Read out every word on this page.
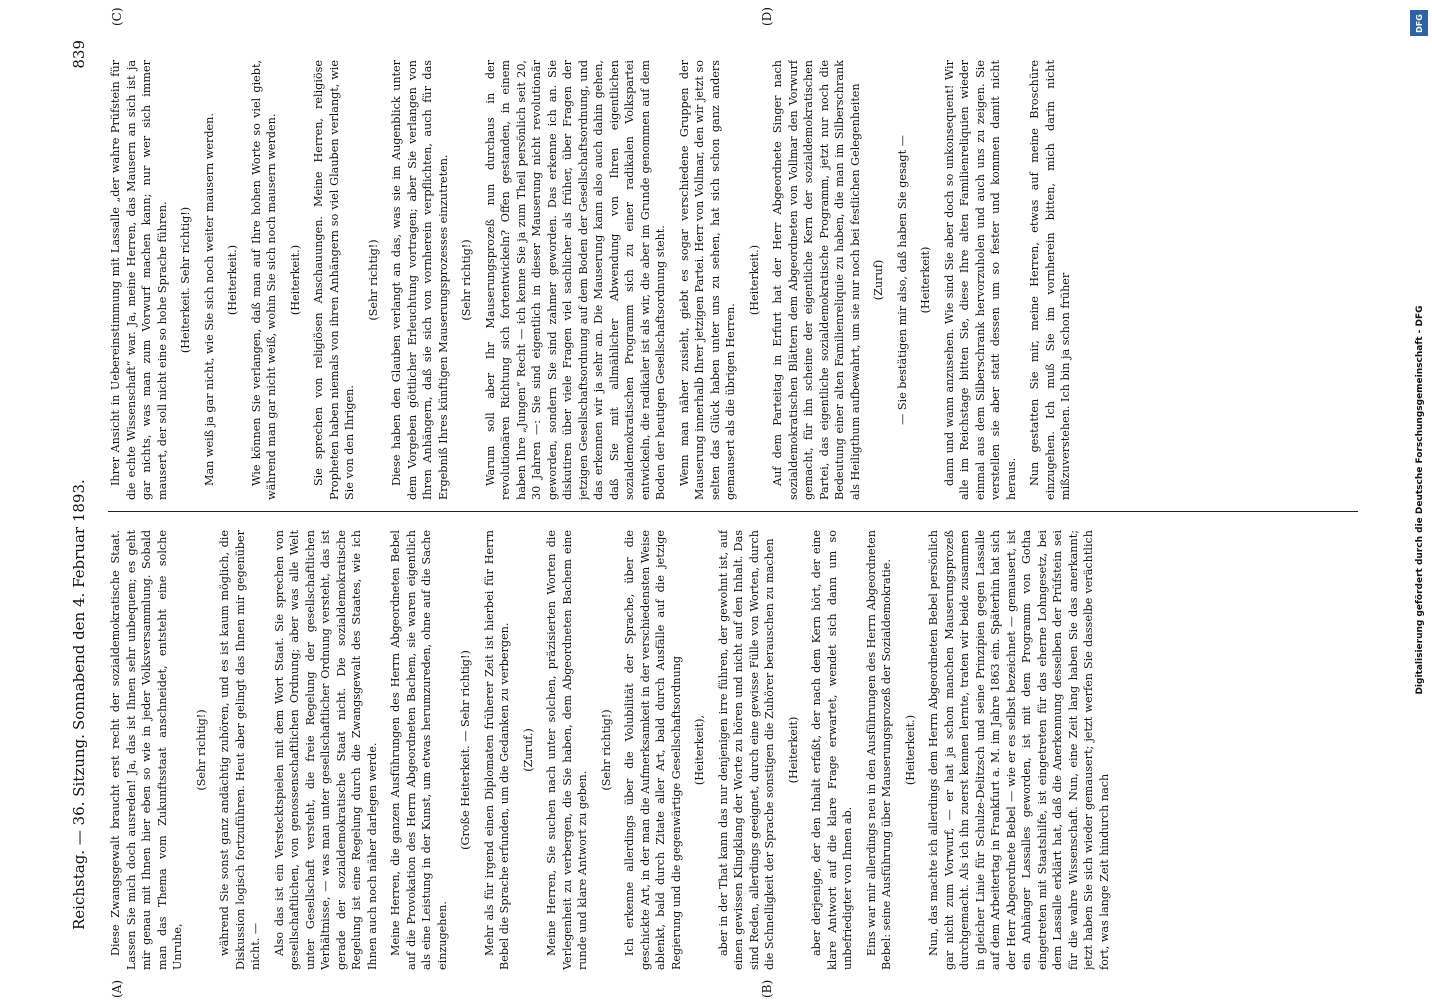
Reichstag. — 36. Sitzung.
Sonnabend den 4. Februar 1893.
839

Diese Zwangsgewalt braucht erst recht der sozialdemokratische Staat. Lassen Sie mich doch ausreden! Ja, das ist Ihnen sehr unbequem; es geht mir genau mit Ihnen hier eben so wie in jeder Volksversammlung. Sobald man das Thema vom Zukunftsstaat anschneidet, entsteht eine solche Unruhe,

(Sehr richtig!) während Sie sonst ganz andächtig zuhören, und es ist kaum möglich, die Diskussion logisch fortzuführen. Heut aber gelingt das Ihnen mir gegenüber nicht. — Also das ist ein Verstecktspielen mit dem Wort Staat. Sie sprechen von gesellschaftlichen, von genossenschaftlichen Ordnung; aber was alle Welt unter Gesellschaft versteht, die freie Regelung der gesellschaftlichen Verhältnisse, — was man unter gesellschaftlicher Ordnung versteht, das ist gerade der sozialdemokratische Staat nicht. Die sozialdemokratische Regelung ist eine Regelung durch die Zwangsgewalt des Staates, wie ich Ihnen auch noch näher darlegen werde. Meine Herren, die ganzen Ausführungen des Herrn Abgeordneten Bebel auf die Provokation des Herrn Abgeordneten Bachem, sie waren eigentlich als eine Leistung in der Kunst, um etwas herumzureden, ohne auf die Sache einzugehen.

(Große Heiterkeit. — Sehr richtig!) Mehr als für irgend einen Diplomaten früherer Zeit ist hierbei für Herrn Bebel die Sprache erfunden, um die Gedanken zu verbergen. (Zuruf.) Meine Herren, Sie suchen nach unter solchen, präzisierten Worten die Verlegenheit zu verbergen, die Sie haben, dem Abgeordneten Bachem eine runde und klare Antwort zu geben.

(Sehr richtig!) Ich erkenne allerdings über die Volubilität der Sprache, über die geschickte Art, in der man die Aufmerksamkeit in der verschiedensten Weise ablenkt, bald durch Zitate aller Art, bald durch Ausfälle auf die jetzige Regierung und die gegenwärtige Gesellschaftsordnung (Heiterkeit), aber in der That kann das nur denjenigen irre führen, der gewohnt ist, auf einen gewissen Klingklang der Worte zu hören und nicht auf den Inhalt. Das sind Reden, allerdings geeignet, durch eine gewisse Fülle von Worten, durch die Schnelligkeit der Sprache sonstigen die Zuhörer berauschen zu machen (Heiterkeit) aber derjenige, der den Inhalt erfaßt, der nach dem Kern hört, der eine klare Antwort auf die klare Frage erwartet, wendet sich dann um so unbefriedigter von Ihnen ab. Eins war mir allerdings neu in den Ausführungen des Herrn Abgeordneten Bebel: seine Ausführung über Mauserungsprozeß der Sozialdemokratie. (Heiterkeit.) Nun, das machte ich allerdings dem Herrn Abgeordneten Bebel persönlich gar nicht zum Vorwurf, — er hat ja schon manchen Mauserungsprozeß durchgemacht. Als ich ihn zuerst kennen lernte, traten wir beide zusammen in gleicher Linie für Schulze-Delitzsch und seine Prinzipien gegen Lassalle auf dem Arbeitertag in Frankfurt a. M. im Jahre 1863 ein. Späterhin hat sich der Herr Abgeordnete Bebel — wie er es selbst bezeichnet — gemausert, ist ein Anhänger Lassalles geworden, ist mit dem Programm von Gotha eingetreten mit Staatshilfe, ist eingetreten für das eherne Lohngesetz, bei dem Lassalle erklärt hat, daß die Anerkennung desselben der Prüfstein sei für die wahre Wissenschaft. Nun, eine Zeit lang haben Sie das anerkannt; jetzt haben Sie sich wieder gemausert; jetzt werfen Sie dasselbe verächtlich fort, was lange Zeit hindurch nach

Ihrer Ansicht in Uebereinstimmung mit Lassalle „der wahre Prüfstein für die echte Wissenschaft“ war. Ja, meine Herren, das Mausern an sich ist ja gar nichts, was man zum Vorwurf machen kann; nur wer sich immer mausert, der soll nicht eine so hohe Sprache führen. (Heiterkeit. Sehr richtig!) Man weiß ja gar nicht, wie Sie sich noch weiter mausern werden. (Heiterkeit.) Wie können Sie verlangen, daß man auf Ihre hohen Worte so viel giebt, während man gar nicht weiß, wohin Sie sich noch mausern werden. (Heiterkeit.) Sie sprechen von religiösen Anschauungen. Meine Herren, religiöse Propheten haben niemals von ihren Anhängern so viel Glauben verlangt, wie Sie von den Ihrigen.

(Sehr richtig!) Diese haben den Glauben verlangt an das, was sie im Augenblick unter dem Vorgeben göttlicher Erleuchtung vortragen; aber Sie verlangen von Ihren Anhängern, daß sie sich von vornherein verpflichten, auch für das Ergebniß Ihres künftigen Mauserungsprozesses einzutreten. (Sehr richtig!) Warum soll aber Ihr Mauserungsprozeß nun durchaus in der revolutionären Richtung sich fortentwickeln? Offen gestanden, in einem haben Ihre „Jungen“ Recht — ich kenne Sie ja zum Theil persönlich seit 20, 30 Jahren —: Sie sind eigentlich in dieser Mauserung nicht revolutionär geworden, sondern Sie sind zahmer geworden. Das erkenne ich an. Sie diskutiren über viele Fragen viel sachlicher als früher, über Fragen der jetzigen Gesellschaftsordnung auf dem Boden der Gesellschaftsordnung, und das erkennen wir ja sehr an. Die Mauserung kann also auch dahin gehen, daß Sie mit allmählicher Abwendung von Ihren eigentlichen sozialdemokratischen Programm sich zu einer radikalen Volkspartei entwickeln, die radikaler ist als wir, die aber im Grunde genommen auf dem Boden der heutigen Gesellschaftsordnung steht. Wenn man näher zusieht, giebt es sogar verschiedene Gruppen der Mauserung innerhalb Ihrer jetzigen Partei. Herr von Vollmar, den wir jetzt so selten das Glück haben unter uns zu sehen, hat sich schon ganz anders gemausert als die übrigen Herren.

(Heiterkeit.) Auf dem Parteitag in Erfurt hat der Herr Abgeordnete Singer nach sozialdemokratischen Blättern dem Abgeordneten von Vollmar den Vorwurf gemacht, für ihn scheine der eigentliche Kern der sozialdemokratischen Partei, das eigentliche sozialdemokratische Programm, jetzt nur noch die Bedeutung einer alten Familienreliquie zu haben, die man im Silberschrank als Heiligthum aufbewahrt, um sie nur noch bei festlichen Gelegenheiten (Zuruf) — Sie bestätigen mir also, daß haben Sie gesagt — (Heiterkeit) dann und wann anzusehen. Wie sind Sie aber doch so unkonsequent! Wir alle im Reichstage bitten Sie, diese Ihre alten Familienreliquien wieder einmal aus dem Silberschrank hervorzuholen und auch uns zu zeigen. Sie verstellen sie aber statt dessen um so fester und kommen damit nicht heraus. Nun gestatten Sie mir, meine Herren, etwas auf meine Broschüre einzugehen. Ich muß Sie im vornherein bitten, mich darin nicht mißzuverstehen. Ich bin ja schon früher

(A)	(B)
(C)	(D)	DFG
Digitalisierung gefördert durch die Deutsche Forschungsgemeinschaft - DFG
